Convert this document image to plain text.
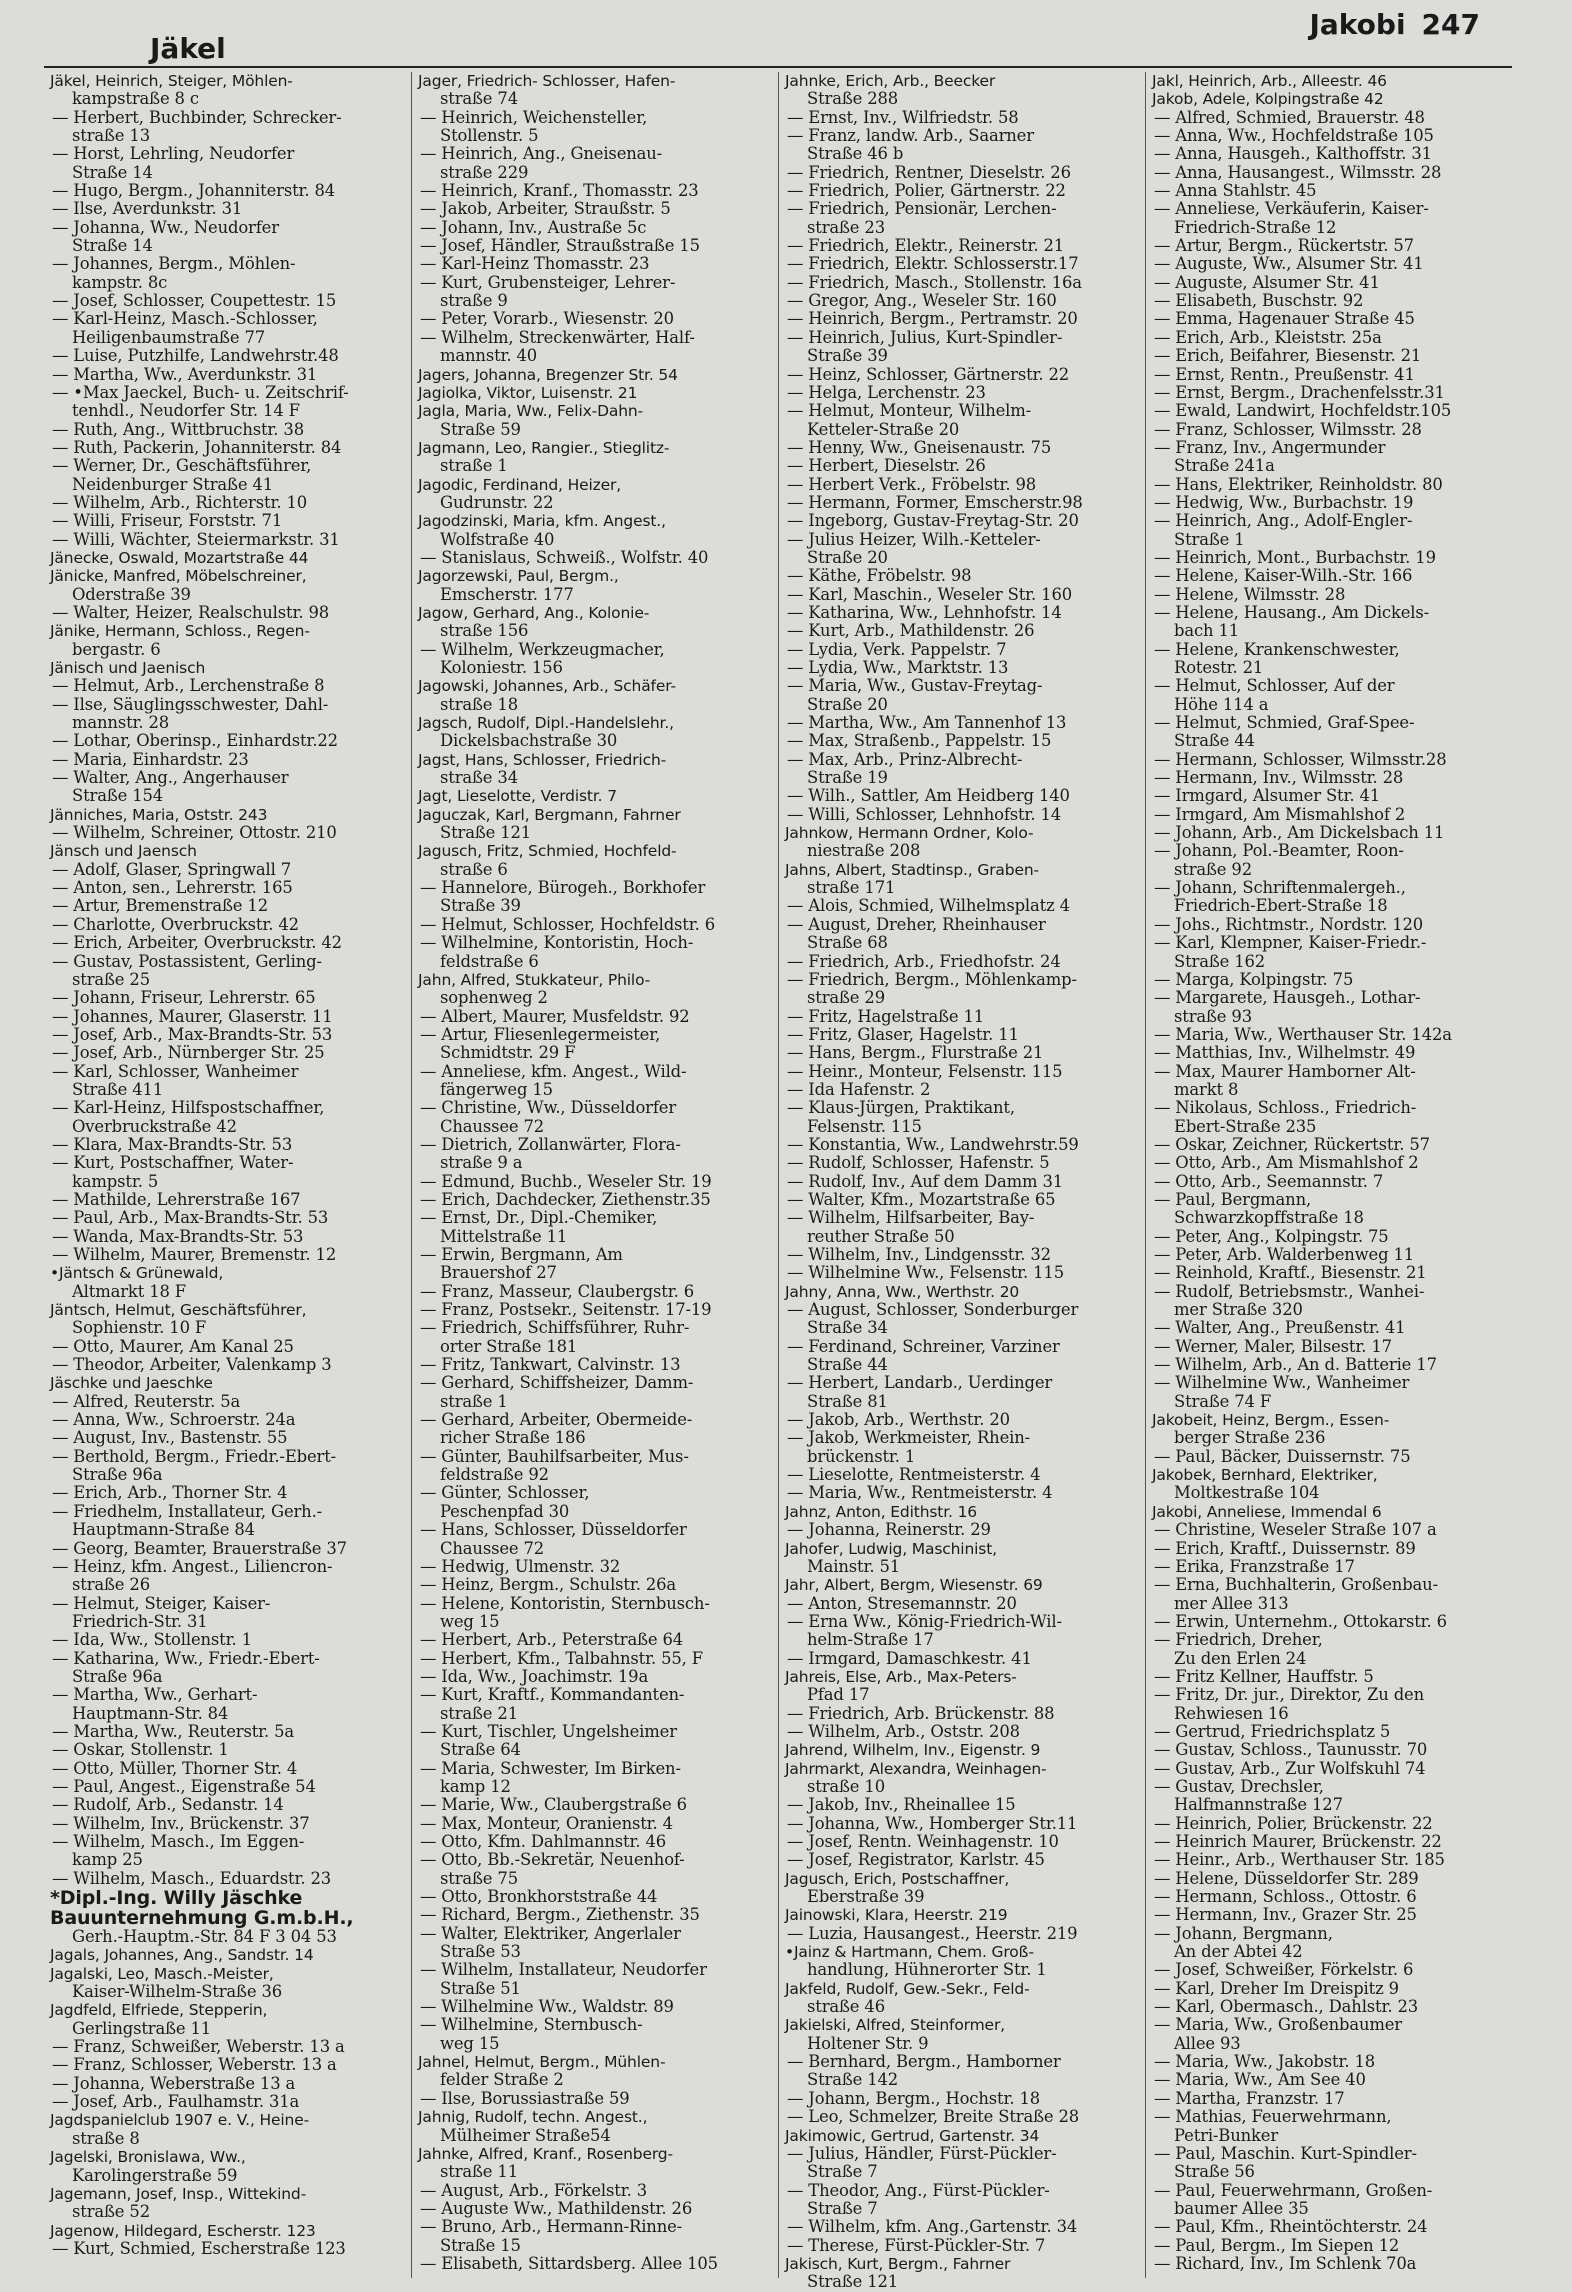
Jäkel
Jakobi 247
Jäkel, Heinrich, Steiger, Möhlen-
kampstraße 8 c
— Herbert, Buchbinder, Schrecker-
straße 13
— Horst, Lehrling, Neudorfer
Straße 14
— Hugo, Bergm., Johanniterstr. 84
— Ilse, Averdunkstr. 31
— Johanna, Ww., Neudorfer
Straße 14
— Johannes, Bergm., Möhlen-
kampstr. 8c
— Josef, Schlosser, Coupettestr. 15
— Karl-Heinz, Masch.-Schlosser,
Heiligenbaumstraße 77
— Luise, Putzhilfe, Landwehrstr.48
— Martha, Ww., Averdunkstr. 31
— •Max Jaeckel, Buch- u. Zeitschrif-
tenhdl., Neudorfer Str. 14 F
— Ruth, Ang., Wittbruchstr. 38
— Ruth, Packerin, Johanniterstr. 84
— Werner, Dr., Geschäftsführer,
Neidenburger Straße 41
— Wilhelm, Arb., Richterstr. 10
— Willi, Friseur, Forststr. 71
— Willi, Wächter, Steiermarkstr. 31
Jänecke, Oswald, Mozartstraße 44
Jänicke, Manfred, Möbelschreiner,
Oderstraße 39
— Walter, Heizer, Realschulstr. 98
Jänike, Hermann, Schloss., Regen-
bergastr. 6
Jänisch und Jaenisch
— Helmut, Arb., Lerchenstraße 8
— Ilse, Säuglingsschwester, Dahl-
mannstr. 28
— Lothar, Oberinsp., Einhardstr.22
— Maria, Einhardstr. 23
— Walter, Ang., Angerhauser
Straße 154
Jänniches, Maria, Oststr. 243
— Wilhelm, Schreiner, Ottostr. 210
Jänsch und Jaensch
— Adolf, Glaser, Springwall 7
— Anton, sen., Lehrerstr. 165
— Artur, Bremenstraße 12
— Charlotte, Overbruckstr. 42
— Erich, Arbeiter, Overbruckstr. 42
— Gustav, Postassistent, Gerling-
straße 25
— Johann, Friseur, Lehrerstr. 65
— Johannes, Maurer, Glaserstr. 11
— Josef, Arb., Max-Brandts-Str. 53
— Josef, Arb., Nürnberger Str. 25
— Karl, Schlosser, Wanheimer
Straße 411
— Karl-Heinz, Hilfspostschaffner,
Overbruckstraße 42
— Klara, Max-Brandts-Str. 53
— Kurt, Postschaffner, Water-
kampstr. 5
— Mathilde, Lehrerstraße 167
— Paul, Arb., Max-Brandts-Str. 53
— Wanda, Max-Brandts-Str. 53
— Wilhelm, Maurer, Bremenstr. 12
•Jäntsch & Grünewald,
Altmarkt 18 F
Jäntsch, Helmut, Geschäftsführer,
Sophienstr. 10 F
— Otto, Maurer, Am Kanal 25
— Theodor, Arbeiter, Valenkamp 3
Jäschke und Jaeschke
— Alfred, Reuterstr. 5a
— Anna, Ww., Schroerstr. 24a
— August, Inv., Bastenstr. 55
— Berthold, Bergm., Friedr.-Ebert-
Straße 96a
— Erich, Arb., Thorner Str. 4
— Friedhelm, Installateur, Gerh.-
Hauptmann-Straße 84
— Georg, Beamter, Brauerstraße 37
— Heinz, kfm. Angest., Liliencron-
straße 26
— Helmut, Steiger, Kaiser-
Friedrich-Str. 31
— Ida, Ww., Stollenstr. 1
— Katharina, Ww., Friedr.-Ebert-
Straße 96a
— Martha, Ww., Gerhart-
Hauptmann-Str. 84
— Martha, Ww., Reuterstr. 5a
— Oskar, Stollenstr. 1
— Otto, Müller, Thorner Str. 4
— Paul, Angest., Eigenstraße 54
— Rudolf, Arb., Sedanstr. 14
— Wilhelm, Inv., Brückenstr. 37
— Wilhelm, Masch., Im Eggen-
kamp 25
— Wilhelm, Masch., Eduardstr. 23
*Dipl.-Ing. Willy Jäschke
Bauunternehmung G.m.b.H.,
Gerh.-Hauptm.-Str. 84 F 3 04 53
Jagals, Johannes, Ang., Sandstr. 14
Jagalski, Leo, Masch.-Meister,
Kaiser-Wilhelm-Straße 36
Jagdfeld, Elfriede, Stepperin,
Gerlingstraße 11
— Franz, Schweißer, Weberstr. 13 a
— Franz, Schlosser, Weberstr. 13 a
— Johanna, Weberstraße 13 a
— Josef, Arb., Faulhamstr. 31a
Jagdspanielclub 1907 e. V., Heine-
straße 8
Jagelski, Bronislawa, Ww.,
Karolingerstraße 59
Jagemann, Josef, Insp., Wittekind-
straße 52
Jagenow, Hildegard, Escherstr. 123
— Kurt, Schmied, Escherstraße 123
Jager, Friedrich- Schlosser, Hafen-
straße 74
— Heinrich, Weichensteller,
Stollenstr. 5
— Heinrich, Ang., Gneisenau-
straße 229
— Heinrich, Kranf., Thomasstr. 23
— Jakob, Arbeiter, Straußstr. 5
— Johann, Inv., Austraße 5c
— Josef, Händler, Straußstraße 15
— Karl-Heinz Thomasstr. 23
— Kurt, Grubensteiger, Lehrer-
straße 9
— Peter, Vorarb., Wiesenstr. 20
— Wilhelm, Streckenwärter, Half-
mannstr. 40
Jagers, Johanna, Bregenzer Str. 54
Jagiolka, Viktor, Luisenstr. 21
Jagla, Maria, Ww., Felix-Dahn-
Straße 59
Jagmann, Leo, Rangier., Stieglitz-
straße 1
Jagodic, Ferdinand, Heizer,
Gudrunstr. 22
Jagodzinski, Maria, kfm. Angest.,
Wolfstraße 40
— Stanislaus, Schweiß., Wolfstr. 40
Jagorzewski, Paul, Bergm.,
Emscherstr. 177
Jagow, Gerhard, Ang., Kolonie-
straße 156
— Wilhelm, Werkzeugmacher,
Koloniestr. 156
Jagowski, Johannes, Arb., Schäfer-
straße 18
Jagsch, Rudolf, Dipl.-Handelslehr.,
Dickelsbachstraße 30
Jagst, Hans, Schlosser, Friedrich-
straße 34
Jagt, Lieselotte, Verdistr. 7
Jaguczak, Karl, Bergmann, Fahrner
Straße 121
Jagusch, Fritz, Schmied, Hochfeld-
straße 6
— Hannelore, Bürogeh., Borkhofer
Straße 39
— Helmut, Schlosser, Hochfeldstr. 6
— Wilhelmine, Kontoristin, Hoch-
feldstraße 6
Jahn, Alfred, Stukkateur, Philo-
sophenweg 2
— Albert, Maurer, Musfeldstr. 92
— Artur, Fliesenlegermeister,
Schmidtstr. 29 F
— Anneliese, kfm. Angest., Wild-
fängerweg 15
— Christine, Ww., Düsseldorfer
Chaussee 72
— Dietrich, Zollanwärter, Flora-
straße 9 a
— Edmund, Buchb., Weseler Str. 19
— Erich, Dachdecker, Ziethenstr.35
— Ernst, Dr., Dipl.-Chemiker,
Mittelstraße 11
— Erwin, Bergmann, Am
Brauershof 27
— Franz, Masseur, Claubergstr. 6
— Franz, Postsekr., Seitenstr. 17-19
— Friedrich, Schiffsführer, Ruhr-
orter Straße 181
— Fritz, Tankwart, Calvinstr. 13
— Gerhard, Schiffsheizer, Damm-
straße 1
— Gerhard, Arbeiter, Obermeide-
richer Straße 186
— Günter, Bauhilfsarbeiter, Mus-
feldstraße 92
— Günter, Schlosser,
Peschenpfad 30
— Hans, Schlosser, Düsseldorfer
Chaussee 72
— Hedwig, Ulmenstr. 32
— Heinz, Bergm., Schulstr. 26a
— Helene, Kontoristin, Sternbusch-
weg 15
— Herbert, Arb., Peterstraße 64
— Herbert, Kfm., Talbahnstr. 55, F
— Ida, Ww., Joachimstr. 19a
— Kurt, Kraftf., Kommandanten-
straße 21
— Kurt, Tischler, Ungelsheimer
Straße 64
— Maria, Schwester, Im Birken-
kamp 12
— Marie, Ww., Claubergstraße 6
— Max, Monteur, Oranienstr. 4
— Otto, Kfm. Dahlmannstr. 46
— Otto, Bb.-Sekretär, Neuenhof-
straße 75
— Otto, Bronkhorststraße 44
— Richard, Bergm., Ziethenstr. 35
— Walter, Elektriker, Angerlaler
Straße 53
— Wilhelm, Installateur, Neudorfer
Straße 51
— Wilhelmine Ww., Waldstr. 89
— Wilhelmine, Sternbusch-
weg 15
Jahnel, Helmut, Bergm., Mühlen-
felder Straße 2
— Ilse, Borussiastraße 59
Jahnig, Rudolf, techn. Angest.,
Mülheimer Straße54
Jahnke, Alfred, Kranf., Rosenberg-
straße 11
— August, Arb., Förkelstr. 3
— Auguste Ww., Mathildenstr. 26
— Bruno, Arb., Hermann-Rinne-
Straße 15
— Elisabeth, Sittardsberg. Allee 105
Jahnke, Erich, Arb., Beecker
Straße 288
— Ernst, Inv., Wilfriedstr. 58
— Franz, landw. Arb., Saarner
Straße 46 b
— Friedrich, Rentner, Dieselstr. 26
— Friedrich, Polier, Gärtnerstr. 22
— Friedrich, Pensionär, Lerchen-
straße 23
— Friedrich, Elektr., Reinerstr. 21
— Friedrich, Elektr. Schlosserstr.17
— Friedrich, Masch., Stollenstr. 16a
— Gregor, Ang., Weseler Str. 160
— Heinrich, Bergm., Pertramstr. 20
— Heinrich, Julius, Kurt-Spindler-
Straße 39
— Heinz, Schlosser, Gärtnerstr. 22
— Helga, Lerchenstr. 23
— Helmut, Monteur, Wilhelm-
Ketteler-Straße 20
— Henny, Ww., Gneisenaustr. 75
— Herbert, Dieselstr. 26
— Herbert Verk., Fröbelstr. 98
— Hermann, Former, Emscherstr.98
— Ingeborg, Gustav-Freytag-Str. 20
— Julius Heizer, Wilh.-Ketteler-
Straße 20
— Käthe, Fröbelstr. 98
— Karl, Maschin., Weseler Str. 160
— Katharina, Ww., Lehnhofstr. 14
— Kurt, Arb., Mathildenstr. 26
— Lydia, Verk. Pappelstr. 7
— Lydia, Ww., Marktstr. 13
— Maria, Ww., Gustav-Freytag-
Straße 20
— Martha, Ww., Am Tannenhof 13
— Max, Straßenb., Pappelstr. 15
— Max, Arb., Prinz-Albrecht-
Straße 19
— Wilh., Sattler, Am Heidberg 140
— Willi, Schlosser, Lehnhofstr. 14
Jahnkow, Hermann Ordner, Kolo-
niestraße 208
Jahns, Albert, Stadtinsp., Graben-
straße 171
— Alois, Schmied, Wilhelmsplatz 4
— August, Dreher, Rheinhauser
Straße 68
— Friedrich, Arb., Friedhofstr. 24
— Friedrich, Bergm., Möhlenkamp-
straße 29
— Fritz, Hagelstraße 11
— Fritz, Glaser, Hagelstr. 11
— Hans, Bergm., Flurstraße 21
— Heinr., Monteur, Felsenstr. 115
— Ida Hafenstr. 2
— Klaus-Jürgen, Praktikant,
Felsenstr. 115
— Konstantia, Ww., Landwehrstr.59
— Rudolf, Schlosser, Hafenstr. 5
— Rudolf, Inv., Auf dem Damm 31
— Walter, Kfm., Mozartstraße 65
— Wilhelm, Hilfsarbeiter, Bay-
reuther Straße 50
— Wilhelm, Inv., Lindgensstr. 32
— Wilhelmine Ww., Felsenstr. 115
Jahny, Anna, Ww., Werthstr. 20
— August, Schlosser, Sonderburger
Straße 34
— Ferdinand, Schreiner, Varziner
Straße 44
— Herbert, Landarb., Uerdinger
Straße 81
— Jakob, Arb., Werthstr. 20
— Jakob, Werkmeister, Rhein-
brückenstr. 1
— Lieselotte, Rentmeisterstr. 4
— Maria, Ww., Rentmeisterstr. 4
Jahnz, Anton, Edithstr. 16
— Johanna, Reinerstr. 29
Jahofer, Ludwig, Maschinist,
Mainstr. 51
Jahr, Albert, Bergm, Wiesenstr. 69
— Anton, Stresemannstr. 20
— Erna Ww., König-Friedrich-Wil-
helm-Straße 17
— Irmgard, Damaschkestr. 41
Jahreis, Else, Arb., Max-Peters-
Pfad 17
— Friedrich, Arb. Brückenstr. 88
— Wilhelm, Arb., Oststr. 208
Jahrend, Wilhelm, Inv., Eigenstr. 9
Jahrmarkt, Alexandra, Weinhagen-
straße 10
— Jakob, Inv., Rheinallee 15
— Johanna, Ww., Homberger Str.11
— Josef, Rentn. Weinhagenstr. 10
— Josef, Registrator, Karlstr. 45
Jagusch, Erich, Postschaffner,
Eberstraße 39
Jainowski, Klara, Heerstr. 219
— Luzia, Hausangest., Heerstr. 219
•Jainz & Hartmann, Chem. Groß-
handlung, Hühnerorter Str. 1
Jakfeld, Rudolf, Gew.-Sekr., Feld-
straße 46
Jakielski, Alfred, Steinformer,
Holtener Str. 9
— Bernhard, Bergm., Hamborner
Straße 142
— Johann, Bergm., Hochstr. 18
— Leo, Schmelzer, Breite Straße 28
Jakimowic, Gertrud, Gartenstr. 34
— Julius, Händler, Fürst-Pückler-
Straße 7
— Theodor, Ang., Fürst-Pückler-
Straße 7
— Wilhelm, kfm. Ang.,Gartenstr. 34
— Therese, Fürst-Pückler-Str. 7
Jakisch, Kurt, Bergm., Fahrner
Straße 121
Jakl, Heinrich, Arb., Alleestr. 46
Jakob, Adele, Kolpingstraße 42
— Alfred, Schmied, Brauerstr. 48
— Anna, Ww., Hochfeldstraße 105
— Anna, Hausgeh., Kalthoffstr. 31
— Anna, Hausangest., Wilmsstr. 28
— Anna Stahlstr. 45
— Anneliese, Verkäuferin, Kaiser-
Friedrich-Straße 12
— Artur, Bergm., Rückertstr. 57
— Auguste, Ww., Alsumer Str. 41
— Auguste, Alsumer Str. 41
— Elisabeth, Buschstr. 92
— Emma, Hagenauer Straße 45
— Erich, Arb., Kleiststr. 25a
— Erich, Beifahrer, Biesenstr. 21
— Ernst, Rentn., Preußenstr. 41
— Ernst, Bergm., Drachenfelsstr.31
— Ewald, Landwirt, Hochfeldstr.105
— Franz, Schlosser, Wilmsstr. 28
— Franz, Inv., Angermunder
Straße 241a
— Hans, Elektriker, Reinholdstr. 80
— Hedwig, Ww., Burbachstr. 19
— Heinrich, Ang., Adolf-Engler-
Straße 1
— Heinrich, Mont., Burbachstr. 19
— Helene, Kaiser-Wilh.-Str. 166
— Helene, Wilmsstr. 28
— Helene, Hausang., Am Dickels-
bach 11
— Helene, Krankenschwester,
Rotestr. 21
— Helmut, Schlosser, Auf der
Höhe 114 a
— Helmut, Schmied, Graf-Spee-
Straße 44
— Hermann, Schlosser, Wilmsstr.28
— Hermann, Inv., Wilmsstr. 28
— Irmgard, Alsumer Str. 41
— Irmgard, Am Mismahlshof 2
— Johann, Arb., Am Dickelsbach 11
— Johann, Pol.-Beamter, Roon-
straße 92
— Johann, Schriftenmalergeh.,
Friedrich-Ebert-Straße 18
— Johs., Richtmstr., Nordstr. 120
— Karl, Klempner, Kaiser-Friedr.-
Straße 162
— Marga, Kolpingstr. 75
— Margarete, Hausgeh., Lothar-
straße 93
— Maria, Ww., Werthauser Str. 142a
— Matthias, Inv., Wilhelmstr. 49
— Max, Maurer Hamborner Alt-
markt 8
— Nikolaus, Schloss., Friedrich-
Ebert-Straße 235
— Oskar, Zeichner, Rückertstr. 57
— Otto, Arb., Am Mismahlshof 2
— Otto, Arb., Seemannstr. 7
— Paul, Bergmann,
Schwarzkopffstraße 18
— Peter, Ang., Kolpingstr. 75
— Peter, Arb. Walderbenweg 11
— Reinhold, Kraftf., Biesenstr. 21
— Rudolf, Betriebsmstr., Wanhei-
mer Straße 320
— Walter, Ang., Preußenstr. 41
— Werner, Maler, Bilsestr. 17
— Wilhelm, Arb., An d. Batterie 17
— Wilhelmine Ww., Wanheimer
Straße 74 F
Jakobeit, Heinz, Bergm., Essen-
berger Straße 236
— Paul, Bäcker, Duissernstr. 75
Jakobek, Bernhard, Elektriker,
Moltkestraße 104
Jakobi, Anneliese, Immendal 6
— Christine, Weseler Straße 107 a
— Erich, Kraftf., Duissernstr. 89
— Erika, Franzstraße 17
— Erna, Buchhalterin, Großenbau-
mer Allee 313
— Erwin, Unternehm., Ottokarstr. 6
— Friedrich, Dreher,
Zu den Erlen 24
— Fritz Kellner, Hauffstr. 5
— Fritz, Dr. jur., Direktor, Zu den
Rehwiesen 16
— Gertrud, Friedrichsplatz 5
— Gustav, Schloss., Taunusstr. 70
— Gustav, Arb., Zur Wolfskuhl 74
— Gustav, Drechsler,
Halfmannstraße 127
— Heinrich, Polier, Brückenstr. 22
— Heinrich Maurer, Brückenstr. 22
— Heinr., Arb., Werthauser Str. 185
— Helene, Düsseldorfer Str. 289
— Hermann, Schloss., Ottostr. 6
— Hermann, Inv., Grazer Str. 25
— Johann, Bergmann,
An der Abtei 42
— Josef, Schweißer, Förkelstr. 6
— Karl, Dreher Im Dreispitz 9
— Karl, Obermasch., Dahlstr. 23
— Maria, Ww., Großenbaumer
Allee 93
— Maria, Ww., Jakobstr. 18
— Maria, Ww., Am See 40
— Martha, Franzstr. 17
— Mathias, Feuerwehrmann,
Petri-Bunker
— Paul, Maschin. Kurt-Spindler-
Straße 56
— Paul, Feuerwehrmann, Großen-
baumer Allee 35
— Paul, Kfm., Rheintöchterstr. 24
— Paul, Bergm., Im Siepen 12
— Richard, Inv., Im Schlenk 70a
